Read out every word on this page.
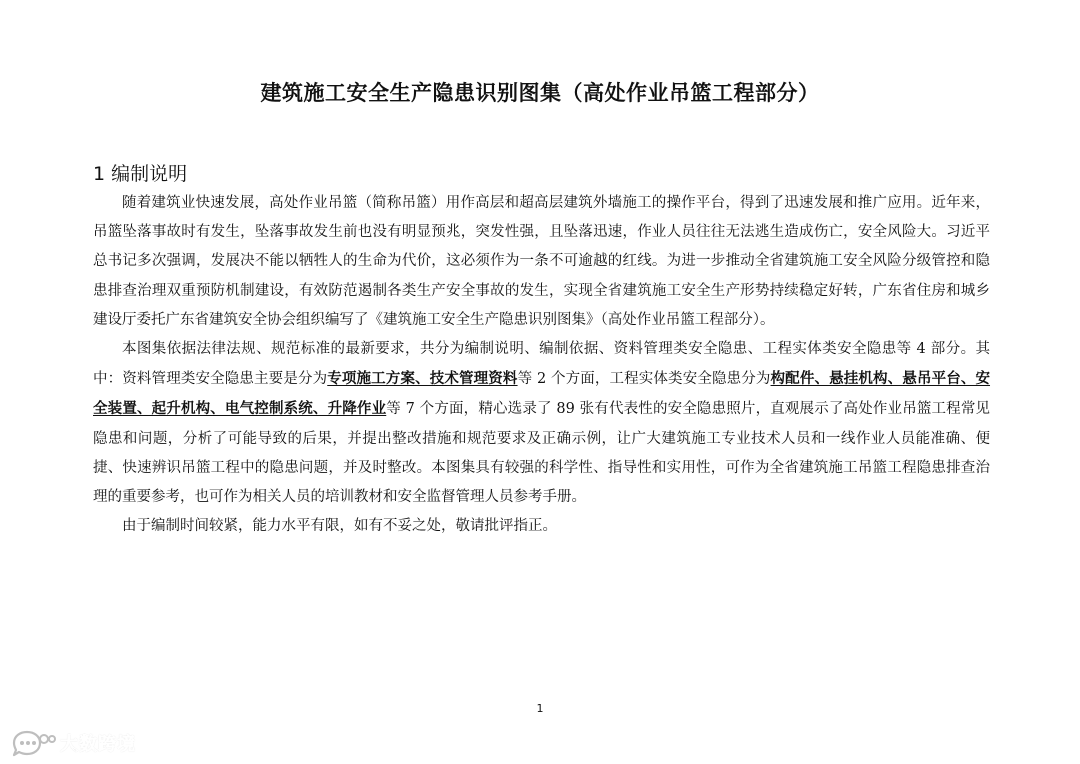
建筑施工安全生产隐患识别图集（高处作业吊篮工程部分）
1 编制说明

随着建筑业快速发展，高处作业吊篮（简称吊篮）用作高层和超高层建筑外墙施工的操作平台，得到了迅速发展和推广应用。近年来，吊篮坠落事故时有发生，坠落事故发生前也没有明显预兆，突发性强，且坠落迅速，作业人员往往无法逃生造成伤亡，安全风险大。习近平总书记多次强调，发展决不能以牺牲人的生命为代价，这必须作为一条不可逾越的红线。为进一步推动全省建筑施工安全风险分级管控和隐患排查治理双重预防机制建设，有效防范遏制各类生产安全事故的发生，实现全省建筑施工安全生产形势持续稳定好转，广东省住房和城乡建设厅委托广东省建筑安全协会组织编写了《建筑施工安全生产隐患识别图集》（高处作业吊篮工程部分）。

本图集依据法律法规、规范标准的最新要求，共分为编制说明、编制依据、资料管理类安全隐患、工程实体类安全隐患等 4 部分。其中：资料管理类安全隐患主要是分为专项施工方案、技术管理资料等 2 个方面，工程实体类安全隐患分为构配件、悬挂机构、悬吊平台、安全装置、起升机构、电气控制系统、升降作业等 7 个方面，精心选录了 89 张有代表性的安全隐患照片，直观展示了高处作业吊篮工程常见隐患和问题，分析了可能导致的后果，并提出整改措施和规范要求及正确示例，让广大建筑施工专业技术人员和一线作业人员能准确、便捷、快速辨识吊篮工程中的隐患问题，并及时整改。本图集具有较强的科学性、指导性和实用性，可作为全省建筑施工吊篮工程隐患排查治理的重要参考，也可作为相关人员的培训教材和安全监督管理人员参考手册。

由于编制时间较紧，能力水平有限，如有不妥之处，敬请批评指正。

1
大数跨境
